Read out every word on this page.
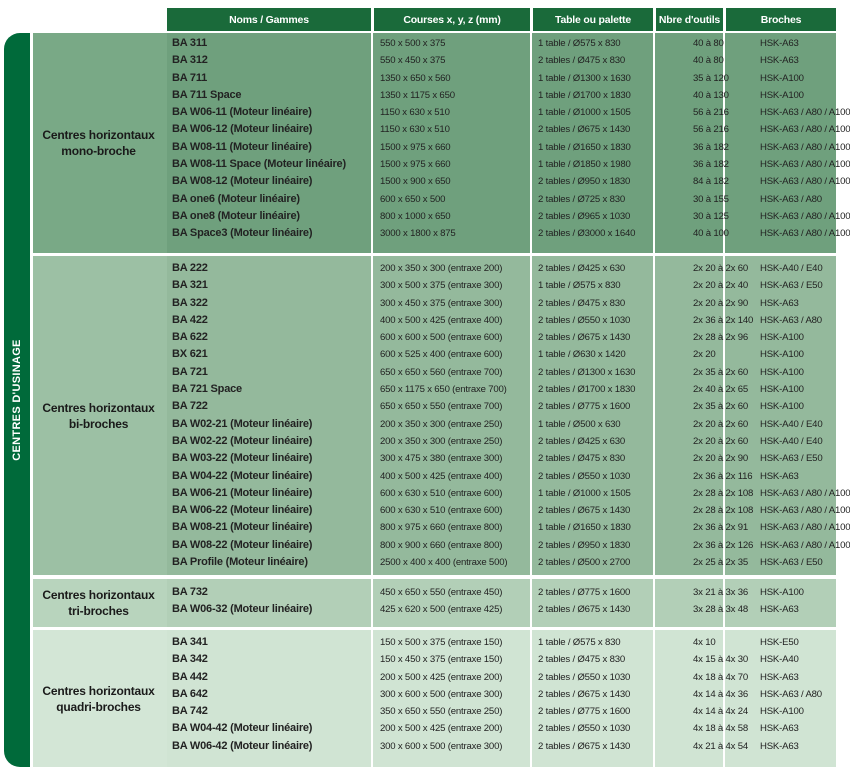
CENTRES D'USINAGE
Noms / Gammes	Courses x, y, z (mm)	Table ou palette	Nbre d'outils	Broches
Centres horizontaux
mono-broche
BA 311	550 x 500 x 375	1 table / Ø575 x 830	40 à 80	HSK-A63
BA 312	550 x 450 x 375	2 tables / Ø475 x 830	40 à 80	HSK-A63
BA 711	1350 x 650 x 560	1 table / Ø1300 x 1630	35 à 120	HSK-A100
BA 711 Space	1350 x 1175 x 650	1 table / Ø1700 x 1830	40 à 130	HSK-A100
BA W06-11 (Moteur linéaire)	1150 x 630 x 510	1 table / Ø1000 x 1505	56 à 216	HSK-A63 / A80 / A100
BA W06-12 (Moteur linéaire)	1150 x 630 x 510	2 tables / Ø675 x 1430	56 à 216	HSK-A63 / A80 / A100
BA W08-11 (Moteur linéaire)	1500 x 975 x 660	1 table / Ø1650 x 1830	36 à 182	HSK-A63 / A80 / A100
BA W08-11 Space (Moteur linéaire)	1500 x 975 x 660	1 table / Ø1850 x 1980	36 à 182	HSK-A63 / A80 / A100
BA W08-12 (Moteur linéaire)	1500 x 900 x 650	2 tables / Ø950 x 1830	84 à 182	HSK-A63 / A80 / A100
BA one6 (Moteur linéaire)	600 x 650 x 500	2 tables / Ø725 x 830	30 à 155	HSK-A63 / A80
BA one8 (Moteur linéaire)	800 x 1000 x 650	2 tables / Ø965 x 1030	30 à 125	HSK-A63 / A80 / A100
BA Space3 (Moteur linéaire)	3000 x 1800 x 875	2 tables / Ø3000 x 1640	40 à 100	HSK-A63 / A80 / A100
Centres horizontaux
bi-broches
BA 222	200 x 350 x 300 (entraxe 200)	2 tables / Ø425 x 630	2x 20 à 2x 60 HSK-A40 / E40
BA 321	300 x 500 x 375 (entraxe 300)	1 table / Ø575 x 830	2x 20 à 2x 40 HSK-A63 / E50
BA 322	300 x 450 x 375 (entraxe 300)	2 tables / Ø475 x 830	2x 20 à 2x 90 HSK-A63
BA 422	400 x 500 x 425 (entraxe 400)	2 tables / Ø550 x 1030	2x 36 à 2x 140 HSK-A63 / A80
BA 622	600 x 600 x 500 (entraxe 600)	2 tables / Ø675 x 1430	2x 28 à 2x 96 HSK-A100
BX 621	600 x 525 x 400 (entraxe 600)	1 table / Ø630 x 1420	2x 20	HSK-A100
BA 721	650 x 650 x 560 (entraxe 700)	2 tables / Ø1300 x 1630	2x 35 à 2x 60 HSK-A100
BA 721 Space	650 x 1175 x 650 (entraxe 700)	2 tables / Ø1700 x 1830	2x 40 à 2x 65 HSK-A100
BA 722	650 x 650 x 550 (entraxe 700)	2 tables / Ø775 x 1600	2x 35 à 2x 60 HSK-A100
BA W02-21 (Moteur linéaire)	200 x 350 x 300 (entraxe 250)	1 table / Ø500 x 630	2x 20 à 2x 60 HSK-A40 / E40
BA W02-22 (Moteur linéaire)	200 x 350 x 300 (entraxe 250)	2 tables / Ø425 x 630	2x 20 à 2x 60 HSK-A40 / E40
BA W03-22 (Moteur linéaire)	300 x 475 x 380 (entraxe 300)	2 tables / Ø475 x 830	2x 20 à 2x 90 HSK-A63 / E50
BA W04-22 (Moteur linéaire)	400 x 500 x 425 (entraxe 400)	2 tables / Ø550 x 1030	2x 36 à 2x 116 HSK-A63
BA W06-21 (Moteur linéaire)	600 x 630 x 510 (entraxe 600)	1 table / Ø1000 x 1505	2x 28 à 2x 108 HSK-A63 / A80 / A100
BA W06-22 (Moteur linéaire)	600 x 630 x 510 (entraxe 600)	2 tables / Ø675 x 1430	2x 28 à 2x 108 HSK-A63 / A80 / A100
BA W08-21 (Moteur linéaire)	800 x 975 x 660 (entraxe 800)	1 table / Ø1650 x 1830	2x 36 à 2x 91 HSK-A63 / A80 / A100
BA W08-22 (Moteur linéaire)	800 x 900 x 660 (entraxe 800)	2 tables / Ø950 x 1830	2x 36 à 2x 126 HSK-A63 / A80 / A100
BA Profile (Moteur linéaire)	2500 x 400 x 400 (entraxe 500)	2 tables / Ø500 x 2700	2x 25 à 2x 35 HSK-A63 / E50
Centres horizontaux
tri-broches
BA 732	450 x 650 x 550 (entraxe 450)	2 tables / Ø775 x 1600	3x 21 à 3x 36 HSK-A100
BA W06-32 (Moteur linéaire)	425 x 620 x 500 (entraxe 425)	2 tables / Ø675 x 1430	3x 28 à 3x 48 HSK-A63
Centres horizontaux
quadri-broches
BA 341	150 x 500 x 375 (entraxe 150)	1 table / Ø575 x 830	4x 10	HSK-E50
BA 342	150 x 450 x 375 (entraxe 150)	2 tables / Ø475 x 830	4x 15 à 4x 30 HSK-A40
BA 442	200 x 500 x 425 (entraxe 200)	2 tables / Ø550 x 1030	4x 18 à 4x 70 HSK-A63
BA 642	300 x 600 x 500 (entraxe 300)	2 tables / Ø675 x 1430	4x 14 à 4x 36 HSK-A63 / A80
BA 742	350 x 650 x 550 (entraxe 250)	2 tables / Ø775 x 1600	4x 14 à 4x 24 HSK-A100
BA W04-42 (Moteur linéaire)	200 x 500 x 425 (entraxe 200)	2 tables / Ø550 x 1030	4x 18 à 4x 58 HSK-A63
BA W06-42 (Moteur linéaire)	300 x 600 x 500 (entraxe 300)	2 tables / Ø675 x 1430	4x 21 à 4x 54 HSK-A63
